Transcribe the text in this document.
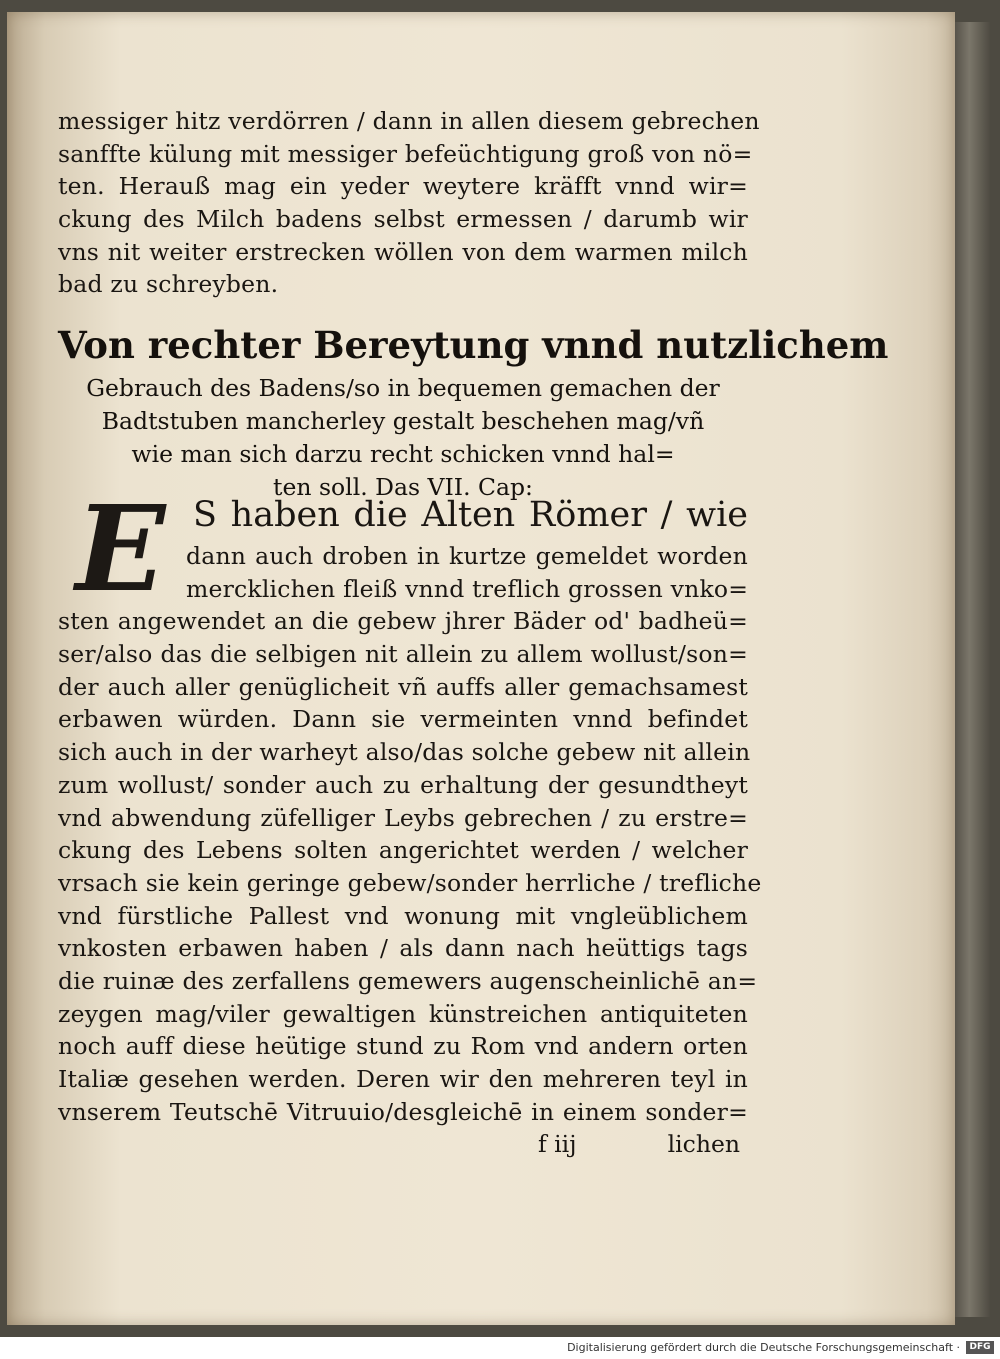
messiger hitz verdörren / dann in allen diesem gebrechen
sanffte külung mit messiger befeüchtigung groß von nö=
ten. Herauß mag ein yeder weytere kräfft vnnd wir=
ckung des Milch badens selbst ermessen / darumb wir
vns nit weiter erstrecken wöllen von dem warmen milch
bad zu schreyben.
Von rechter Bereytung vnnd nutzlichem
Gebrauch des Badens/so in bequemen gemachen der
Badtstuben mancherley gestalt beschehen mag/vñ
wie man sich darzu recht schicken vnnd hal=
ten soll. Das VII. Cap:
E S haben die Alten Römer / wie
dann auch droben in kurtze gemeldet worden
mercklichen fleiß vnnd treflich grossen vnko=
sten angewendet an die gebew jhrer Bäder od' badheü=
ser/also das die selbigen nit allein zu allem wollust/son=
der auch aller genüglicheit vñ auffs aller gemachsamest
erbawen würden. Dann sie vermeinten vnnd befindet
sich auch in der warheyt also/das solche gebew nit allein
zum wollust/ sonder auch zu erhaltung der gesundtheyt
vnd abwendung züfelliger Leybs gebrechen / zu erstre=
ckung des Lebens solten angerichtet werden / welcher
vrsach sie kein geringe gebew/sonder herrliche / trefliche
vnd fürstliche Pallest vnd wonung mit vngleüblichem
vnkosten erbawen haben / als dann nach heüttigs tags
die ruinæ des zerfallens gemewers augenscheinlichē an=
zeygen mag/viler gewaltigen künstreichen antiquiteten
noch auff diese heütige stund zu Rom vnd andern orten
Italiæ gesehen werden. Deren wir den mehreren teyl in
vnserem Teutschē Vitruuio/desgleichē in einem sonder=
f iij	lichen
Digitalisierung gefördert durch die Deutsche Forschungsgemeinschaft ·	DFG
